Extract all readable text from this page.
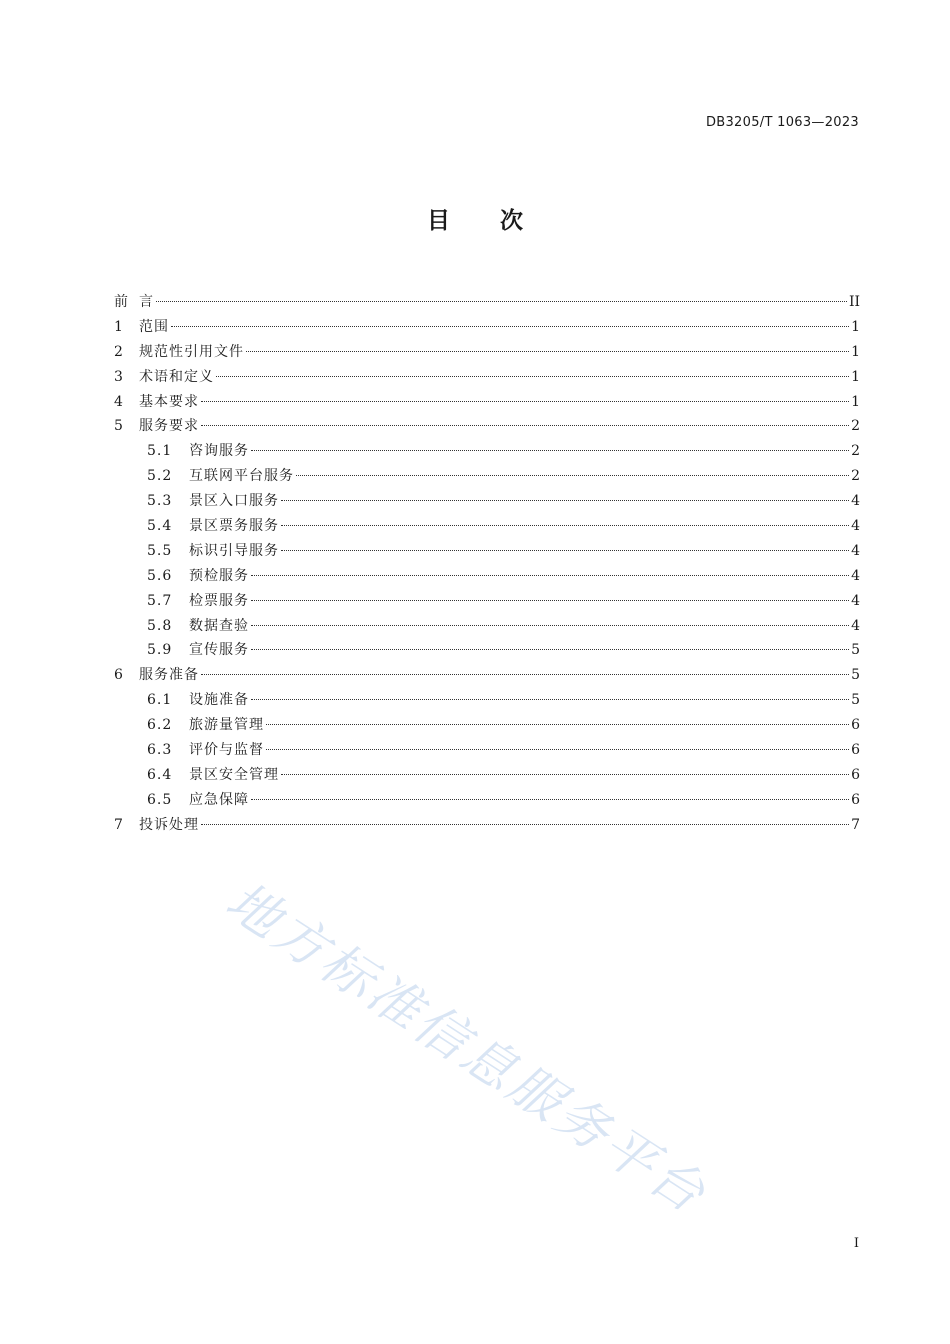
DB3205/T 1063—2023
目 次
前 言	II
1	范围	1
2	规范性引用文件	1
3	术语和定义	1
4	基本要求	1
5	服务要求	2
5.1	咨询服务	2
5.2	互联网平台服务	2
5.3	景区入口服务	4
5.4	景区票务服务	4
5.5	标识引导服务	4
5.6	预检服务	4
5.7	检票服务	4
5.8	数据查验	4
5.9	宣传服务	5
6	服务准备	5
6.1	设施准备	5
6.2	旅游量管理	6
6.3	评价与监督	6
6.4	景区安全管理	6
6.5	应急保障	6
7	投诉处理	7
地方标准信息服务平台
I
